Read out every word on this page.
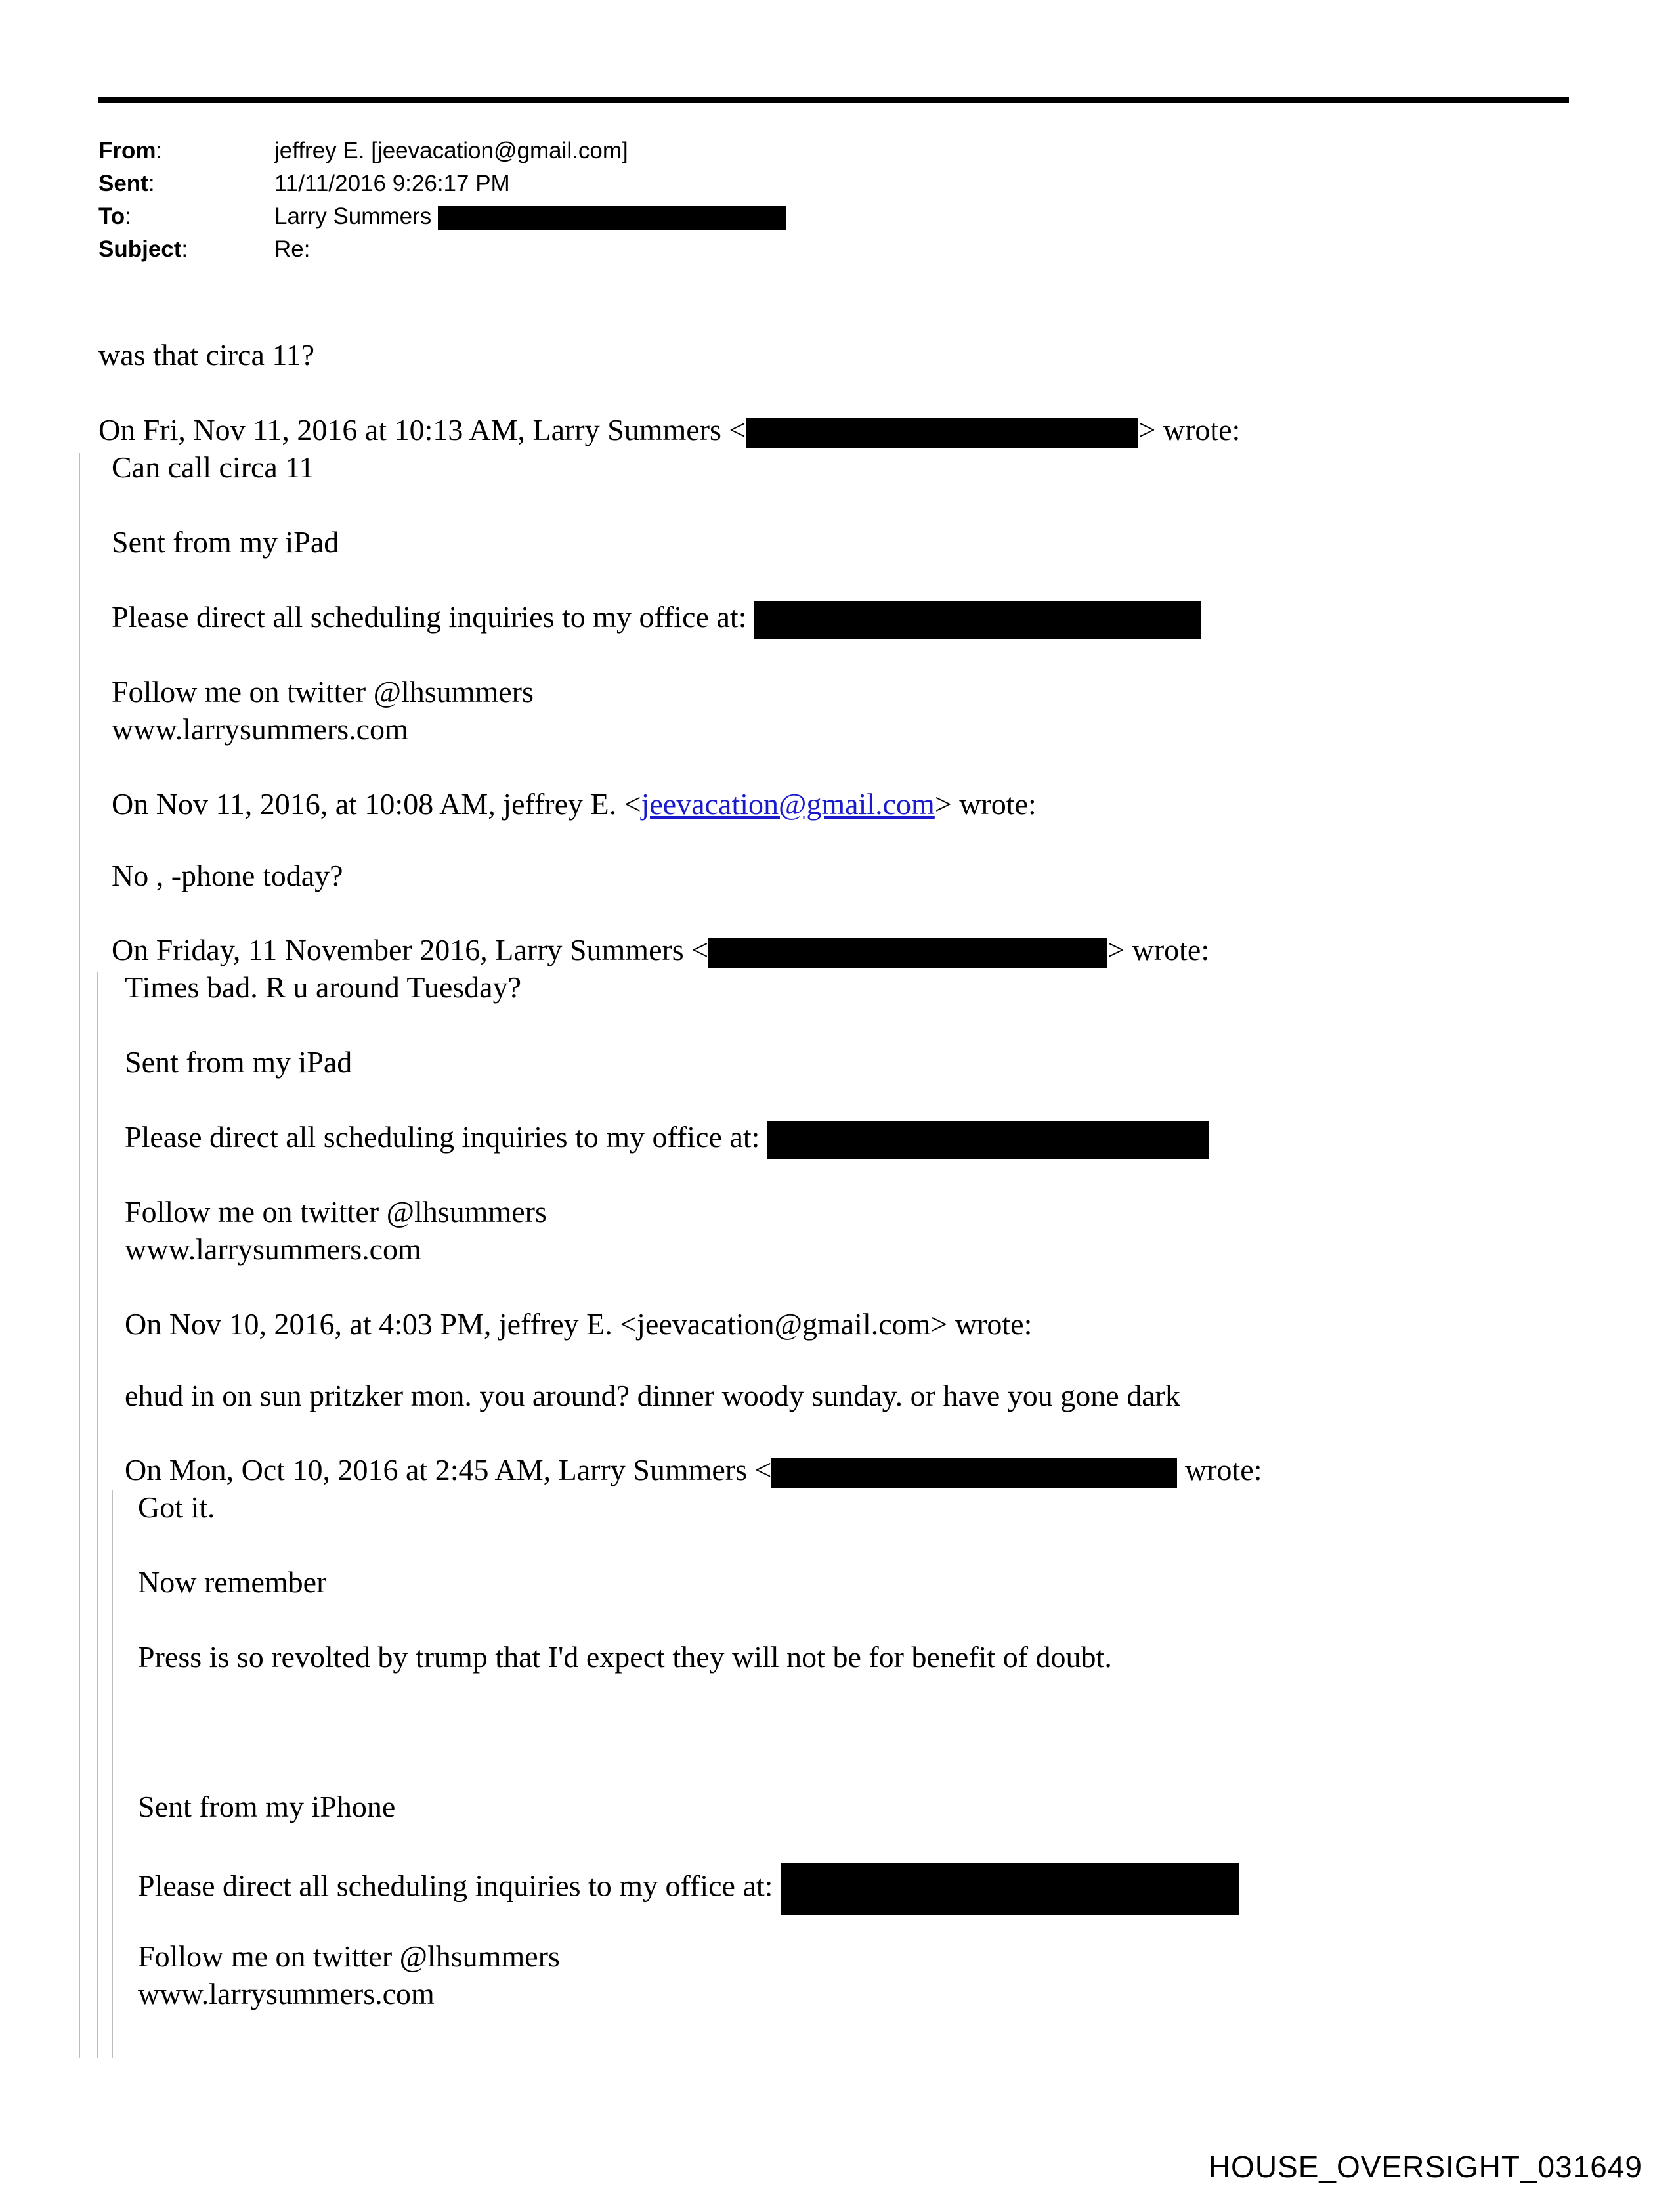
From:	jeffrey E. [jeevacation@gmail.com]
Sent:	11/11/2016 9:26:17 PM
To:	Larry Summers
Subject:	Re:
was that circa 11?
On Fri, Nov 11, 2016 at 10:13 AM, Larry Summers <	> wrote:
Can call circa 11
Sent from my iPad
Please direct all scheduling inquiries to my office at:
Follow me on twitter @lhsummers
www.larrysummers.com
On Nov 11, 2016, at 10:08 AM, jeffrey E. <jeevacation@gmail.com> wrote:
No , -phone today?
On Friday, 11 November 2016, Larry Summers <	> wrote:
Times bad. R u around Tuesday?
Sent from my iPad
Please direct all scheduling inquiries to my office at:
Follow me on twitter @lhsummers
www.larrysummers.com
On Nov 10, 2016, at 4:03 PM, jeffrey E. <jeevacation@gmail.com> wrote:
ehud in on sun pritzker mon. you around? dinner woody sunday. or have you gone dark
On Mon, Oct 10, 2016 at 2:45 AM, Larry Summers <	wrote:
Got it.
Now remember
Press is so revolted by trump that I'd expect they will not be for benefit of doubt.
Sent from my iPhone
Please direct all scheduling inquiries to my office at:
Follow me on twitter @lhsummers
www.larrysummers.com
HOUSE_OVERSIGHT_031649
